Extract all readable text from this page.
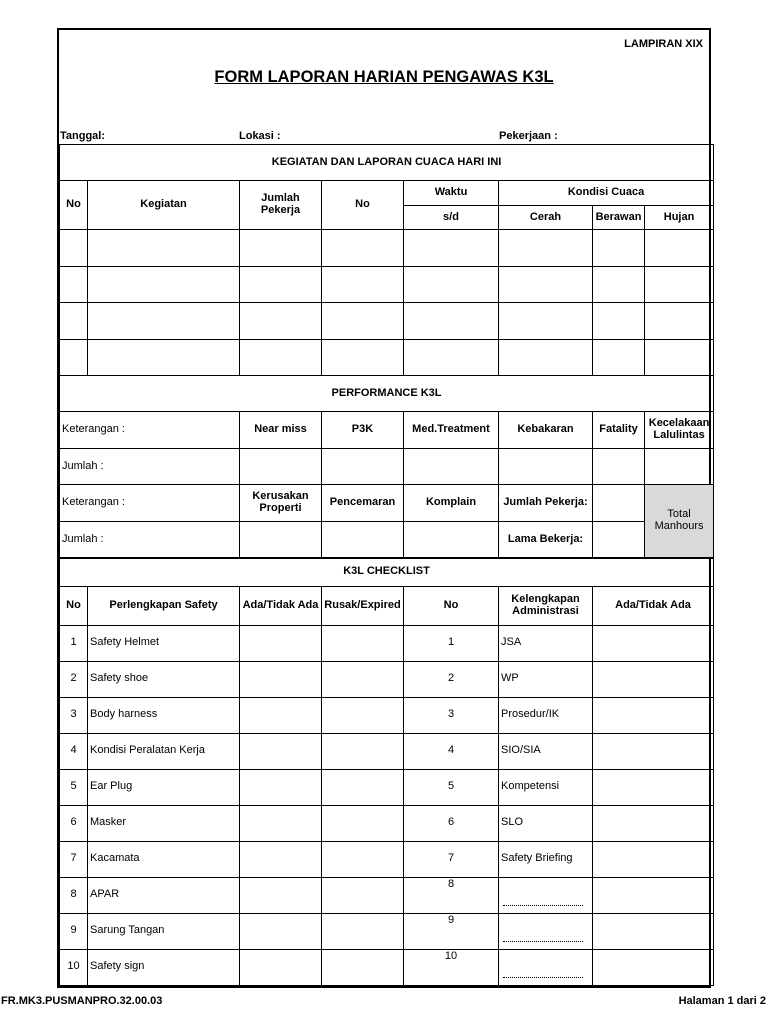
LAMPIRAN XIX
FORM LAPORAN HARIAN PENGAWAS K3L
Tanggal:	Lokasi :	Pekerjaan :
KEGIATAN DAN LAPORAN CUACA HARI INI							
No	Kegiatan	Jumlah Pekerja	No	Waktu	Kondisi Cuaca		
				s/d	Cerah	Berawan	Hujan

PERFORMANCE K3L						
Keterangan :	Near miss	P3K	Med.Treatment	Kebakaran	Fatality	Kecelakaan Lalulintas
Jumlah :						
Keterangan :	Kerusakan Properti	Pencemaran	Komplain	Jumlah Pekerja:		Total Manhours
Jumlah :				Lama Bekerja:		
K3L CHECKLIST						
No	Perlengkapan Safety	Ada/Tidak Ada	Rusak/Expired	No	Kelengkapan Administrasi	Ada/Tidak Ada
1	Safety Helmet			1	JSA	
2	Safety shoe			2	WP	
3	Body harness			3	Prosedur/IK	
4	Kondisi Peralatan Kerja			4	SIO/SIA	
5	Ear Plug			5	Kompetensi	
6	Masker			6	SLO	
7	Kacamata			7	Safety Briefing	
8	APAR			8	

9	Sarung Tangan			9	

10	Safety sign			10	

FR.MK3.PUSMANPRO.32.00.03	Halaman 1 dari 2
